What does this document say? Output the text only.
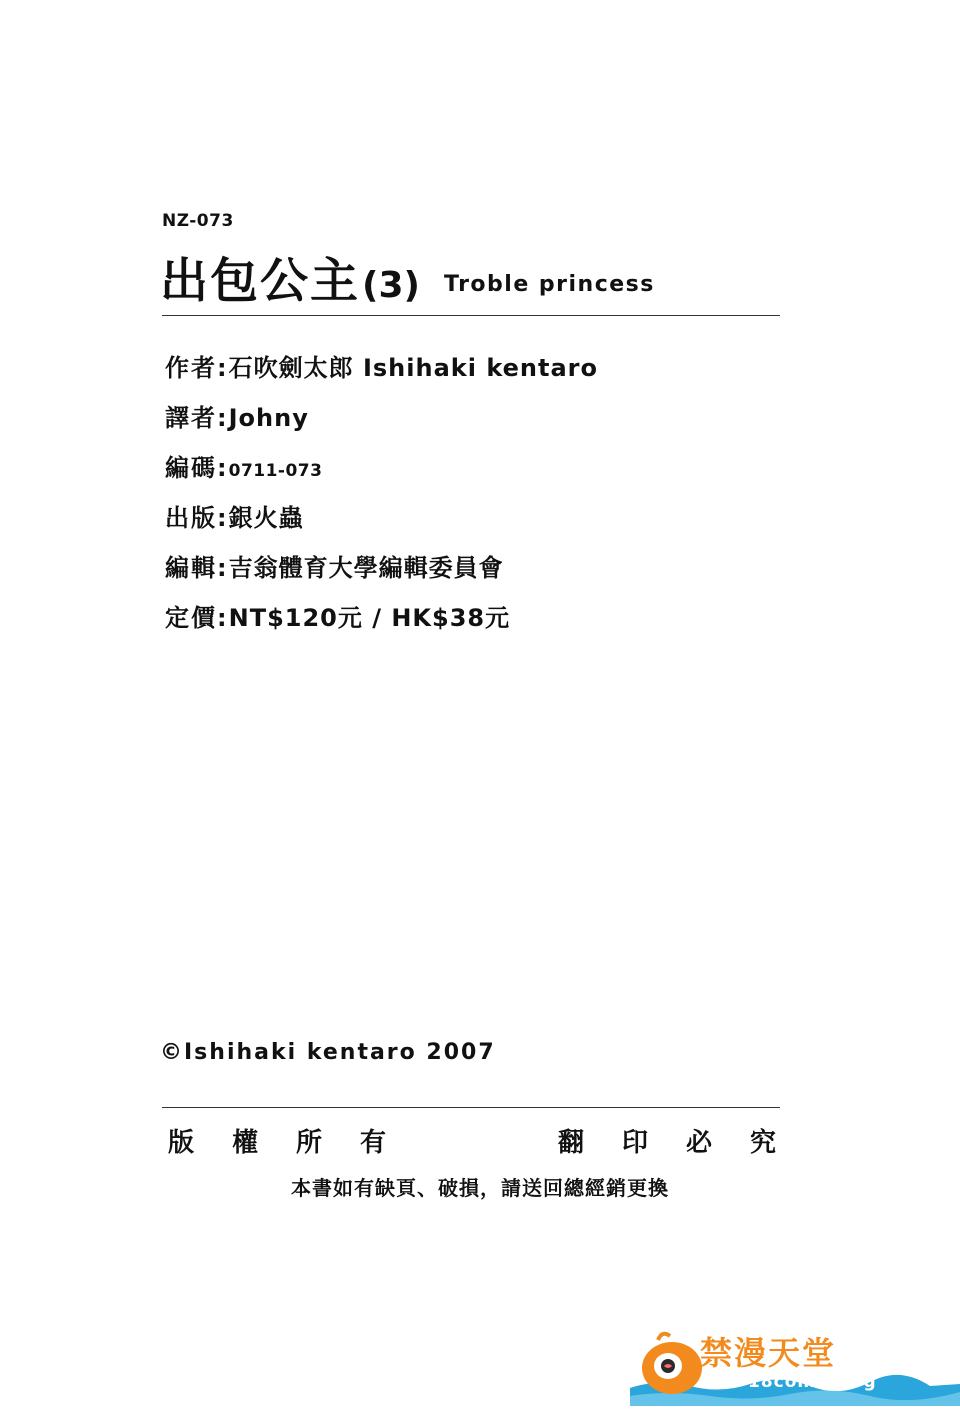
NZ-073
出包公主(3) Troble princess
作者:石吹劍太郎 Ishihaki kentaro
譯者:Johny
編碼:0711-073
出版:銀火蟲
編輯:吉翁體育大學編輯委員會
定價:NT$120元 / HK$38元
©Ishihaki kentaro 2007
版權所有	翻印必究
本書如有缺頁、破損，請送回總經銷更換
禁漫天堂
18comic.org
